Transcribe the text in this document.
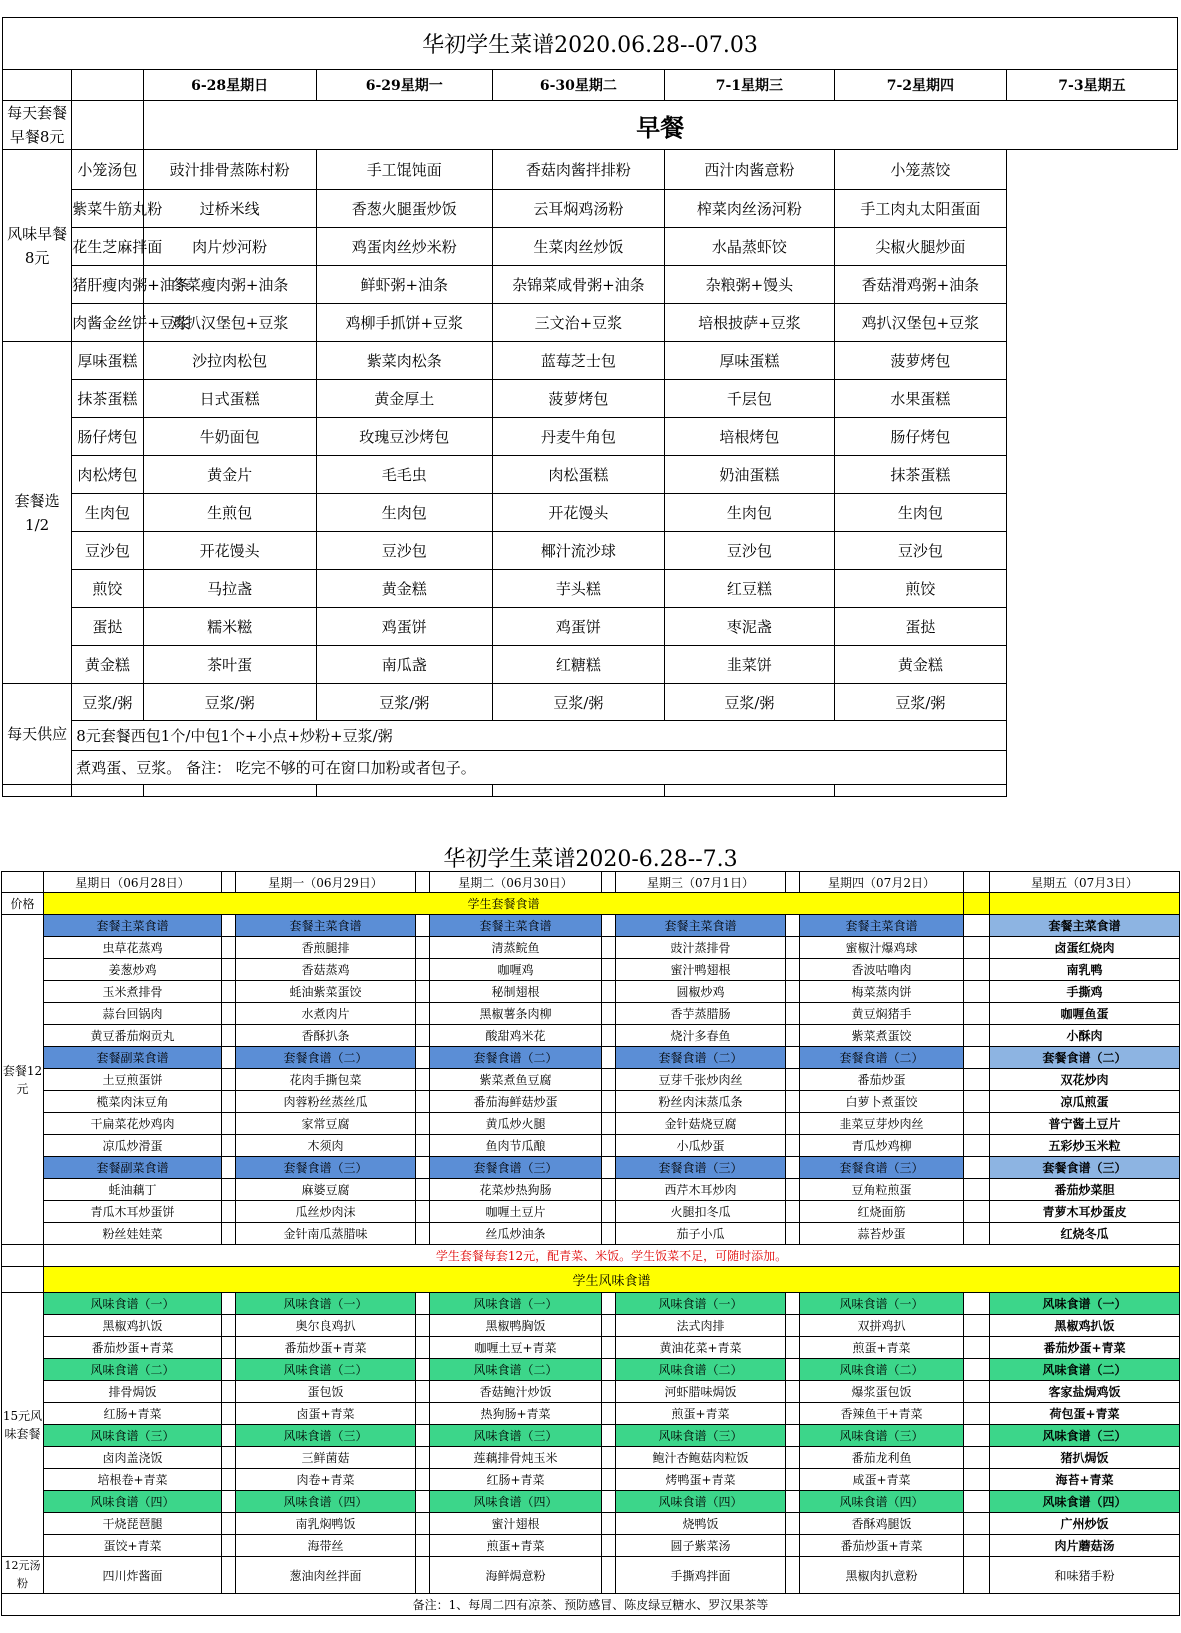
华初学生菜谱2020.06.28--07.03							
		6-28星期日	6-29星期一	6-30星期二	7-1星期三	7-2星期四	7-3星期五
每天套餐早餐8元		早餐					
风味早餐8元	小笼汤包	豉汁排骨蒸陈村粉	手工馄饨面	香菇肉酱拌排粉	西汁肉酱意粉	小笼蒸饺	
	紫菜牛筋丸粉	过桥米线	香葱火腿蛋炒饭	云耳焖鸡汤粉	榨菜肉丝汤河粉	手工肉丸太阳蛋面	
	花生芝麻拌面	肉片炒河粉	鸡蛋肉丝炒米粉	生菜肉丝炒饭	水晶蒸虾饺	尖椒火腿炒面	
	猪肝瘦肉粥+油条	冬菜瘦肉粥+油条	鲜虾粥+油条	杂锦菜咸骨粥+油条	杂粮粥+馒头	香菇滑鸡粥+油条	
	肉酱金丝饼+豆浆	鸡扒汉堡包+豆浆	鸡柳手抓饼+豆浆	三文治+豆浆	培根披萨+豆浆	鸡扒汉堡包+豆浆	
套餐选1/2	厚味蛋糕	沙拉肉松包	紫菜肉松条	蓝莓芝士包	厚味蛋糕	菠萝烤包	
	抹茶蛋糕	日式蛋糕	黄金厚土	菠萝烤包	千层包	水果蛋糕	
	肠仔烤包	牛奶面包	玫瑰豆沙烤包	丹麦牛角包	培根烤包	肠仔烤包	
	肉松烤包	黄金片	毛毛虫	肉松蛋糕	奶油蛋糕	抹茶蛋糕	
	生肉包	生煎包	生肉包	开花馒头	生肉包	生肉包	
	豆沙包	开花馒头	豆沙包	椰汁流沙球	豆沙包	豆沙包	
	煎饺	马拉盏	黄金糕	芋头糕	红豆糕	煎饺	
	蛋挞	糯米糍	鸡蛋饼	鸡蛋饼	枣泥盏	蛋挞	
	黄金糕	茶叶蛋	南瓜盏	红糖糕	韭菜饼	黄金糕	
每天供应	豆浆/粥	豆浆/粥	豆浆/粥	豆浆/粥	豆浆/粥	豆浆/粥	
	8元套餐西包1个/中包1个+小点+炒粉+豆浆/粥						
	煮鸡蛋、豆浆。 备注： 吃完不够的可在窗口加粉或者包子。						

华初学生菜谱2020-6.28--7.3
	星期日（06月28日）		星期一（06月29日）		星期二（06月30日）		星期三（07月1日）		星期四（07月2日）		星期五（07月3日）
价格	学生套餐食谱										
套餐12元	套餐主菜食谱		套餐主菜食谱		套餐主菜食谱		套餐主菜食谱		套餐主菜食谱		套餐主菜食谱
	虫草花蒸鸡		香煎腿排		清蒸鲩鱼		豉汁蒸排骨		蜜椒汁爆鸡球		卤蛋红烧肉
	姜葱炒鸡		香菇蒸鸡		咖喱鸡		蜜汁鸭翅根		香波咕噜肉		南乳鸭
	玉米煮排骨		蚝油紫菜蛋饺		秘制翅根		圆椒炒鸡		梅菜蒸肉饼		手撕鸡
	蒜台回锅肉		水煮肉片		黑椒薯条肉柳		香芋蒸腊肠		黄豆焖猪手		咖喱鱼蛋
	黄豆番茄焖贡丸		香酥扒条		酸甜鸡米花		烧汁多春鱼		紫菜煮蛋饺		小酥肉
	套餐副菜食谱		套餐食谱（二）		套餐食谱（二）		套餐食谱（二）		套餐食谱（二）		套餐食谱（二）
	土豆煎蛋饼		花肉手撕包菜		紫菜煮鱼豆腐		豆芽千张炒肉丝		番茄炒蛋		双花炒肉
	榄菜肉沫豆角		肉蓉粉丝蒸丝瓜		番茄海鲜菇炒蛋		粉丝肉沫蒸瓜条		白萝卜煮蛋饺		凉瓜煎蛋
	干扁菜花炒鸡肉		家常豆腐		黄瓜炒火腿		金针菇烧豆腐		韭菜豆芽炒肉丝		普宁酱土豆片
	凉瓜炒滑蛋		木须肉		鱼肉节瓜酿		小瓜炒蛋		青瓜炒鸡柳		五彩炒玉米粒
	套餐副菜食谱		套餐食谱（三）		套餐食谱（三）		套餐食谱（三）		套餐食谱（三）		套餐食谱（三）
	蚝油藕丁		麻婆豆腐		花菜炒热狗肠		西芹木耳炒肉		豆角粒煎蛋		番茄炒菜胆
	青瓜木耳炒蛋饼		瓜丝炒肉沫		咖喱土豆片		火腿扣冬瓜		红烧面筋		青萝木耳炒蛋皮
	粉丝娃娃菜		金针南瓜蒸腊味		丝瓜炒油条		茄子小瓜		蒜苔炒蛋		红烧冬瓜
	学生套餐每套12元，配青菜、米饭。学生饭菜不足，可随时添加。										
	学生风味食谱										
15元风味套餐	风味食谱（一）		风味食谱（一）		风味食谱（一）		风味食谱（一）		风味食谱（一）		风味食谱（一）
	黑椒鸡扒饭		奥尔良鸡扒		黑椒鸭胸饭		法式肉排		双拼鸡扒		黑椒鸡扒饭
	番茄炒蛋+青菜		番茄炒蛋+青菜		咖喱土豆+青菜		黄油花菜+青菜		煎蛋+青菜		番茄炒蛋+青菜
	风味食谱（二）		风味食谱（二）		风味食谱（二）		风味食谱（二）		风味食谱（二）		风味食谱（二）
	排骨焗饭		蛋包饭		香菇鲍汁炒饭		河虾腊味焗饭		爆浆蛋包饭		客家盐焗鸡饭
	红肠+青菜		卤蛋+青菜		热狗肠+青菜		煎蛋+青菜		香辣鱼干+青菜		荷包蛋+青菜
	风味食谱（三）		风味食谱（三）		风味食谱（三）		风味食谱（三）		风味食谱（三）		风味食谱（三）
	卤肉盖浇饭		三鲜菌菇		莲藕排骨炖玉米		鲍汁杏鲍菇肉粒饭		番茄龙利鱼		猪扒焗饭
	培根卷+青菜		肉卷+青菜		红肠+青菜		烤鸭蛋+青菜		咸蛋+青菜		海苔+青菜
	风味食谱（四）		风味食谱（四）		风味食谱（四）		风味食谱（四）		风味食谱（四）		风味食谱（四）
	干烧琵琶腿		南乳焖鸭饭		蜜汁翅根		烧鸭饭		香酥鸡腿饭		广州炒饭
	蛋饺+青菜		海带丝		煎蛋+青菜		圆子紫菜汤		番茄炒蛋+青菜		肉片蘑菇汤
12元汤粉	四川炸酱面		葱油肉丝拌面		海鲜焗意粉		手撕鸡拌面		黑椒肉扒意粉		和味猪手粉
备注：1、每周二四有凉茶、预防感冒、陈皮绿豆糖水、罗汉果茶等											
